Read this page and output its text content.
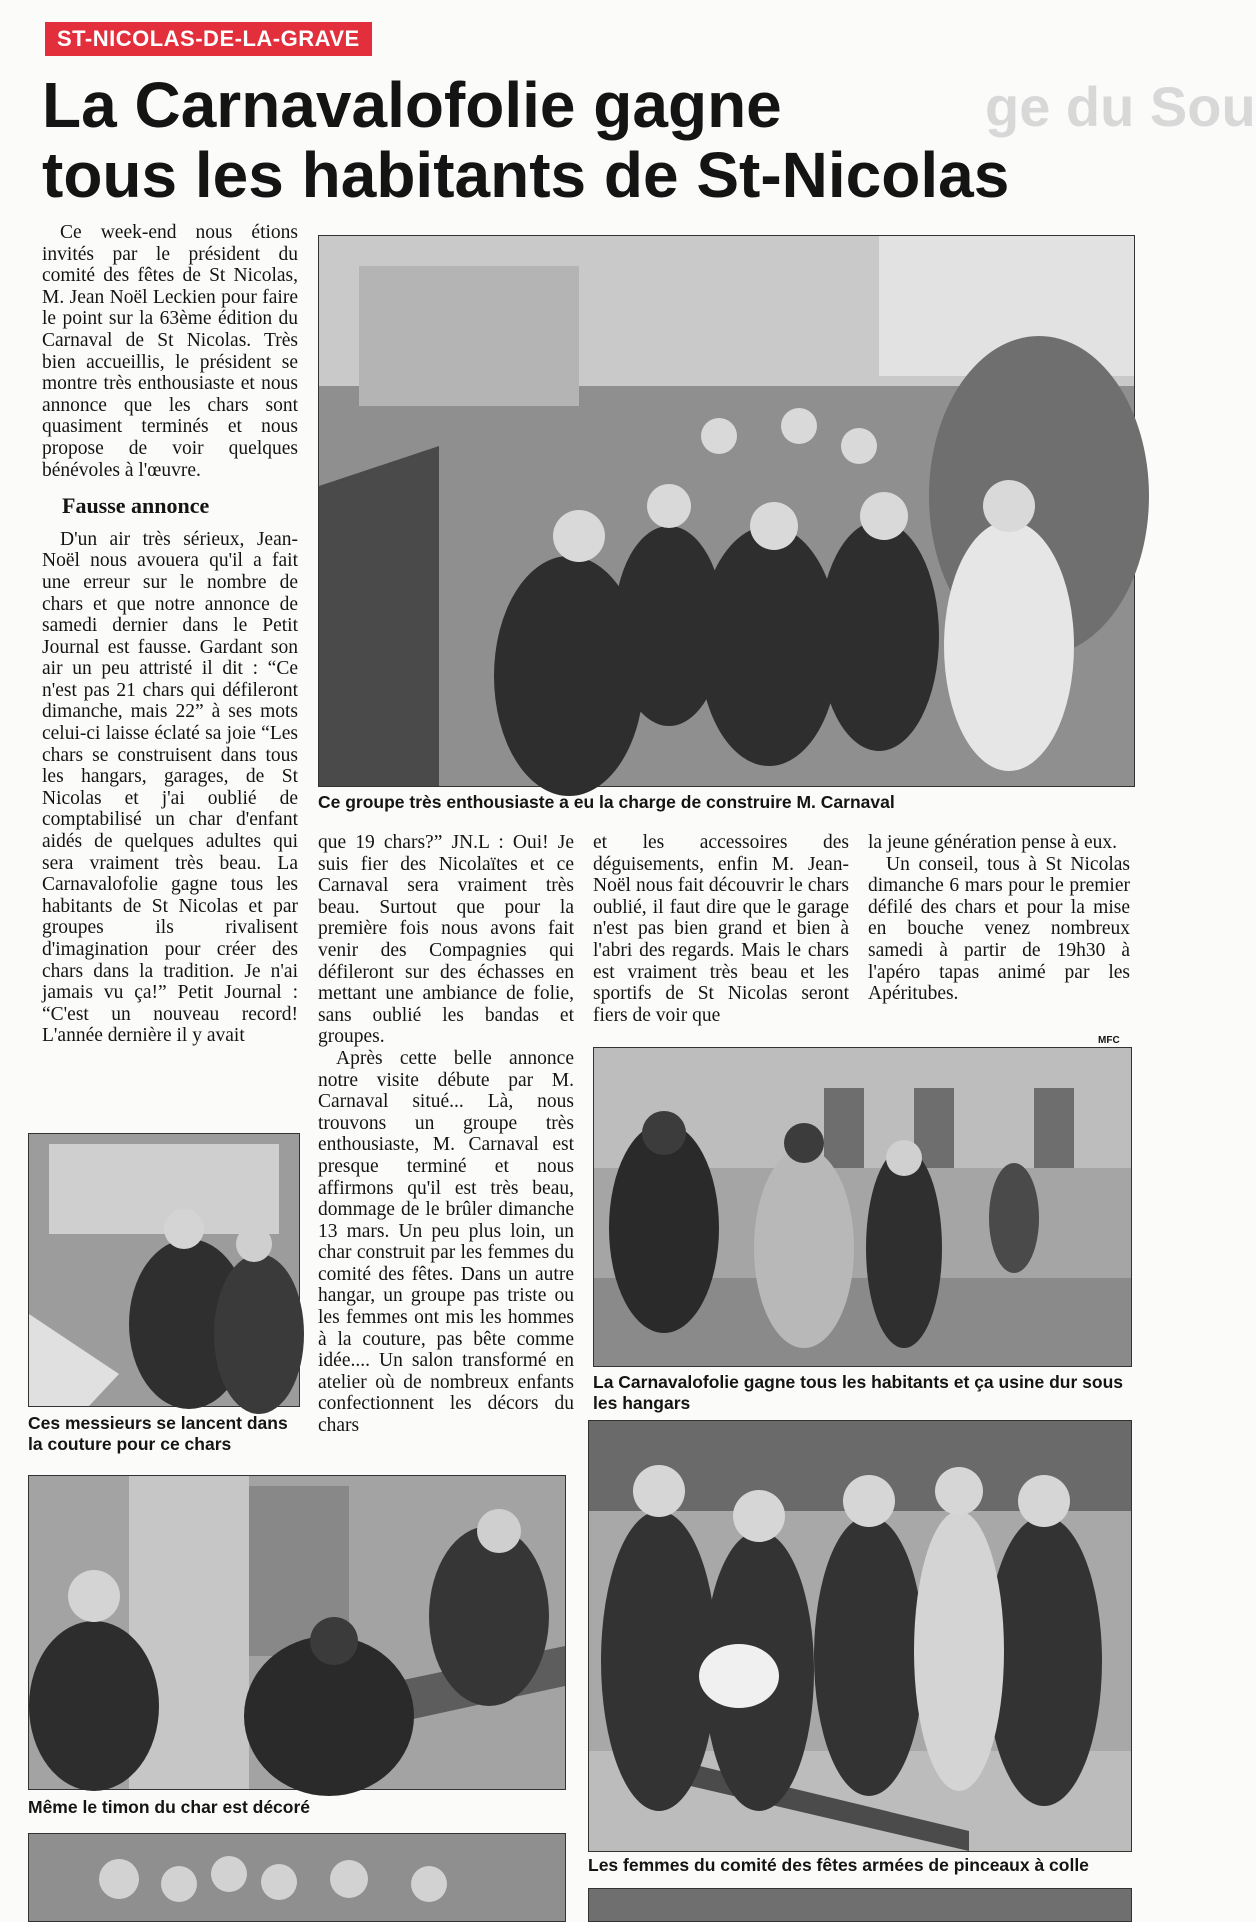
ge du Sou
ST-NICOLAS-DE-LA-GRAVE
La Carnavalofolie gagne
tous les habitants de St-Nicolas

Ce week-end nous étions invités par le président du comité des fêtes de St Nicolas, M. Jean Noël Leckien pour faire le point sur la 63ème édition du Carnaval de St Nicolas. Très bien accueillis, le président se montre très enthousiaste et nous annonce que les chars sont quasiment terminés et nous propose de voir quelques bénévoles à l'œuvre.

Fausse annonce

D'un air très sérieux, Jean-Noël nous avouera qu'il a fait une erreur sur le nombre de chars et que notre annonce de samedi dernier dans le Petit Journal est fausse. Gardant son air un peu attristé il dit : “Ce n'est pas 21 chars qui défileront dimanche, mais 22” à ses mots celui-ci laisse éclaté sa joie “Les chars se construisent dans tous les hangars, garages, de St Nicolas et j'ai oublié de comptabilisé un char d'enfant aidés de quelques adultes qui sera vraiment très beau. La Carnavalofolie gagne tous les habitants de St Nicolas et par groupes ils rivalisent d'imagination pour créer des chars dans la tradition. Je n'ai jamais vu ça!” Petit Journal : “C'est un nouveau record! L'année dernière il y avait

Ce groupe très enthousiaste a eu la charge de construire M. Carnaval

que 19 chars?” JN.L : Oui! Je suis fier des Nicolaïtes et ce Carnaval sera vraiment très beau. Surtout que pour la première fois nous avons fait venir des Compagnies qui défileront sur des échasses en mettant une ambiance de folie, sans oublié les bandas et groupes.

Après cette belle annonce notre visite débute par M. Carnaval situé... Là, nous trouvons un groupe très enthousiaste, M. Carnaval est presque terminé et nous affirmons qu'il est très beau, dommage de le brûler dimanche 13 mars. Un peu plus loin, un char construit par les femmes du comité des fêtes. Dans un autre hangar, un groupe pas triste ou les femmes ont mis les hommes à la couture, pas bête comme idée.... Un salon transformé en atelier où de nombreux enfants confectionnent les décors du chars

et les accessoires des déguisements, enfin M. Jean-Noël nous fait découvrir le chars oublié, il faut dire que le garage n'est pas bien grand et bien à l'abri des regards. Mais le chars est vraiment très beau et les sportifs de St Nicolas seront fiers de voir que

la jeune génération pense à eux.

Un conseil, tous à St Nicolas dimanche 6 mars pour le premier défilé des chars et pour la mise en bouche venez nombreux samedi à partir de 19h30 à l'apéro tapas animé par les Apéritubes.

MFC
Ces messieurs se lancent dans la couture pour ce chars
La Carnavalofolie gagne tous les habitants et ça usine dur sous les hangars
Même le timon du char est décoré
Les femmes du comité des fêtes armées de pinceaux à colle
